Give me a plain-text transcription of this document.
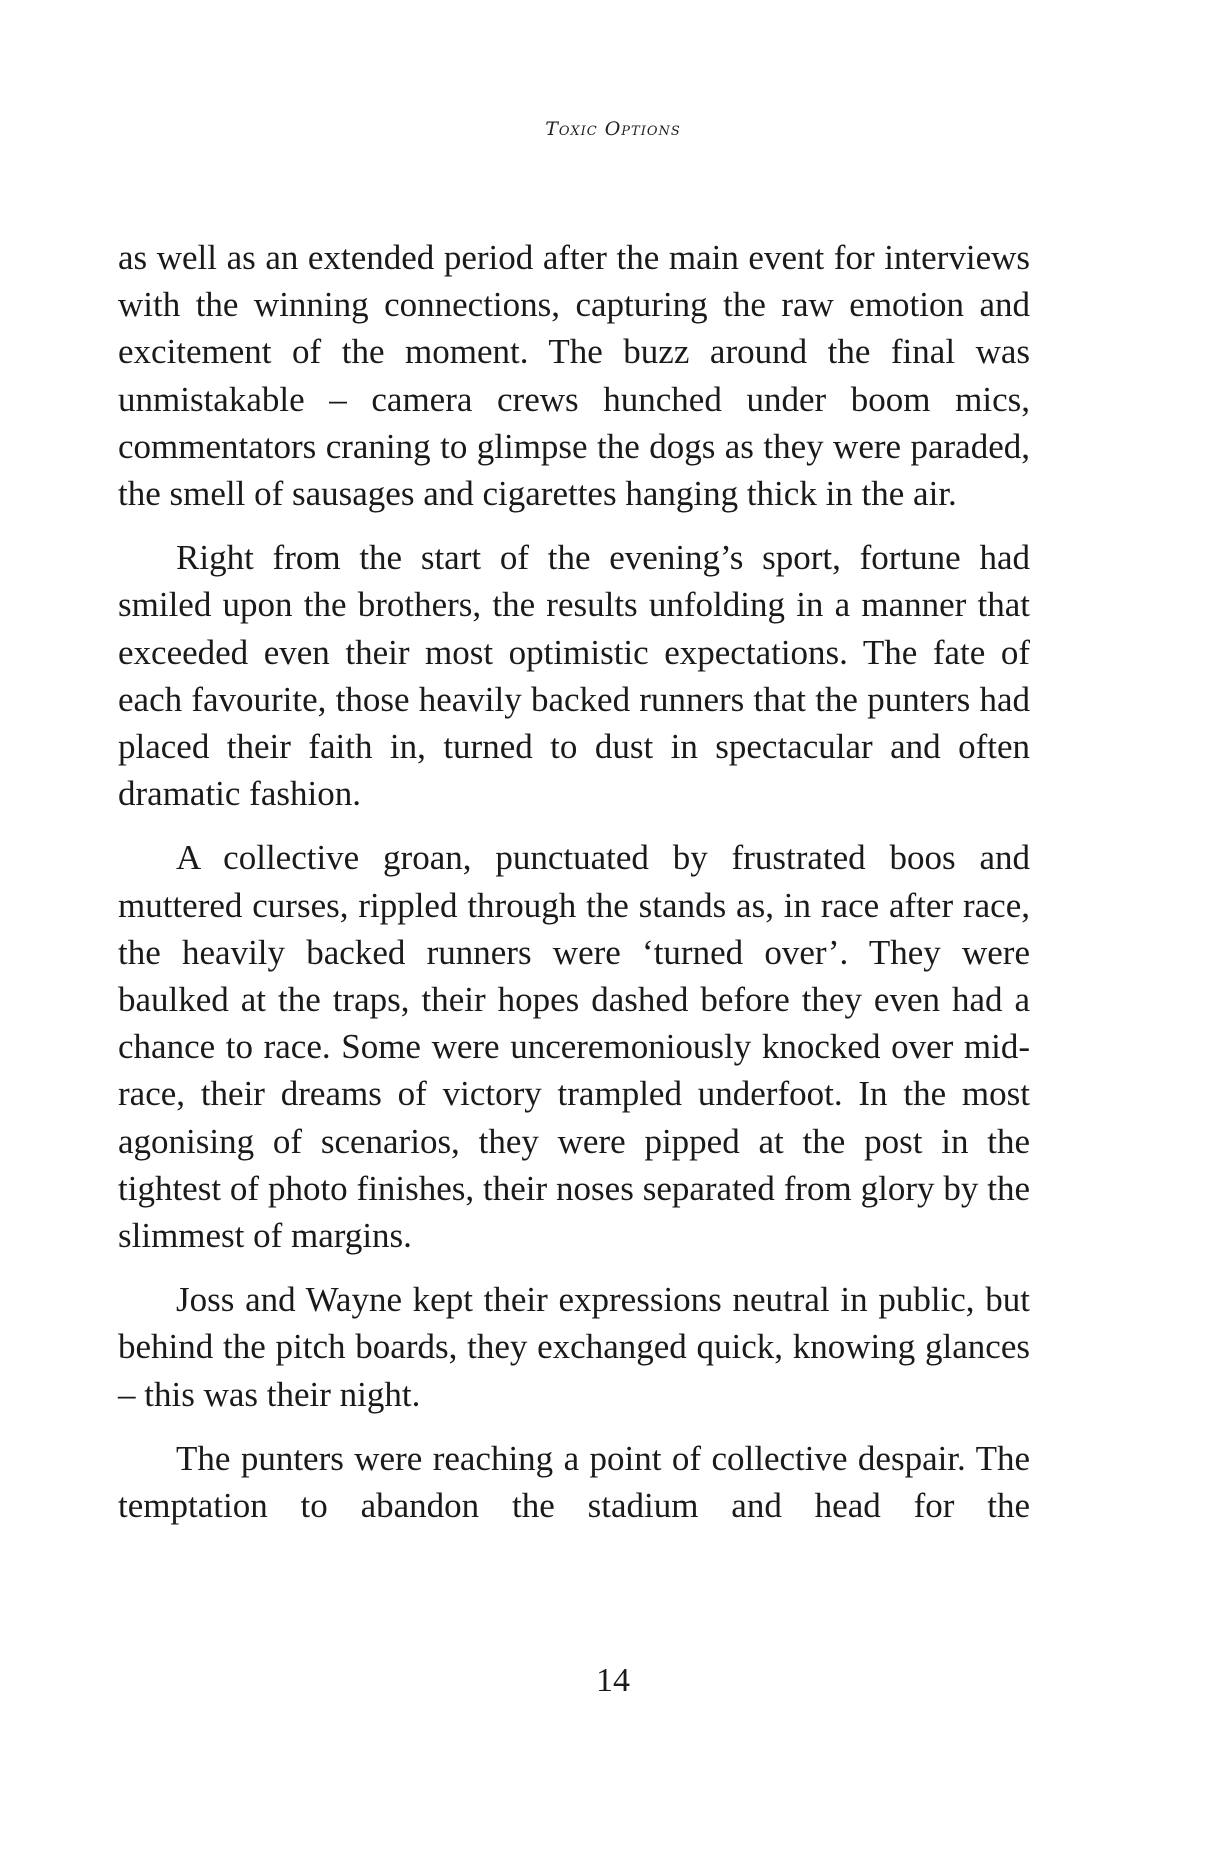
Toxic Options

as well as an extended period after the main event for interviews with the winning connections, capturing the raw emotion and excitement of the moment. The buzz around the final was unmistakable – camera crews hunched under boom mics, commentators craning to glimpse the dogs as they were paraded, the smell of sausages and cigarettes hanging thick in the air.

Right from the start of the evening’s sport, fortune had smiled upon the brothers, the results unfolding in a manner that exceeded even their most optimistic expectations. The fate of each favourite, those heavily backed runners that the punters had placed their faith in, turned to dust in spectacular and often dramatic fashion.

A collective groan, punctuated by frustrated boos and muttered curses, rippled through the stands as, in race after race, the heavily backed runners were ‘turned over’. They were baulked at the traps, their hopes dashed before they even had a chance to race. Some were unceremoniously knocked over mid-race, their dreams of victory trampled underfoot. In the most agonising of scenarios, they were pipped at the post in the tightest of photo finishes, their noses separated from glory by the slimmest of margins.

Joss and Wayne kept their expressions neutral in public, but behind the pitch boards, they exchanged quick, knowing glances – this was their night.

The punters were reaching a point of collective despair. The temptation to abandon the stadium and head for the

14
